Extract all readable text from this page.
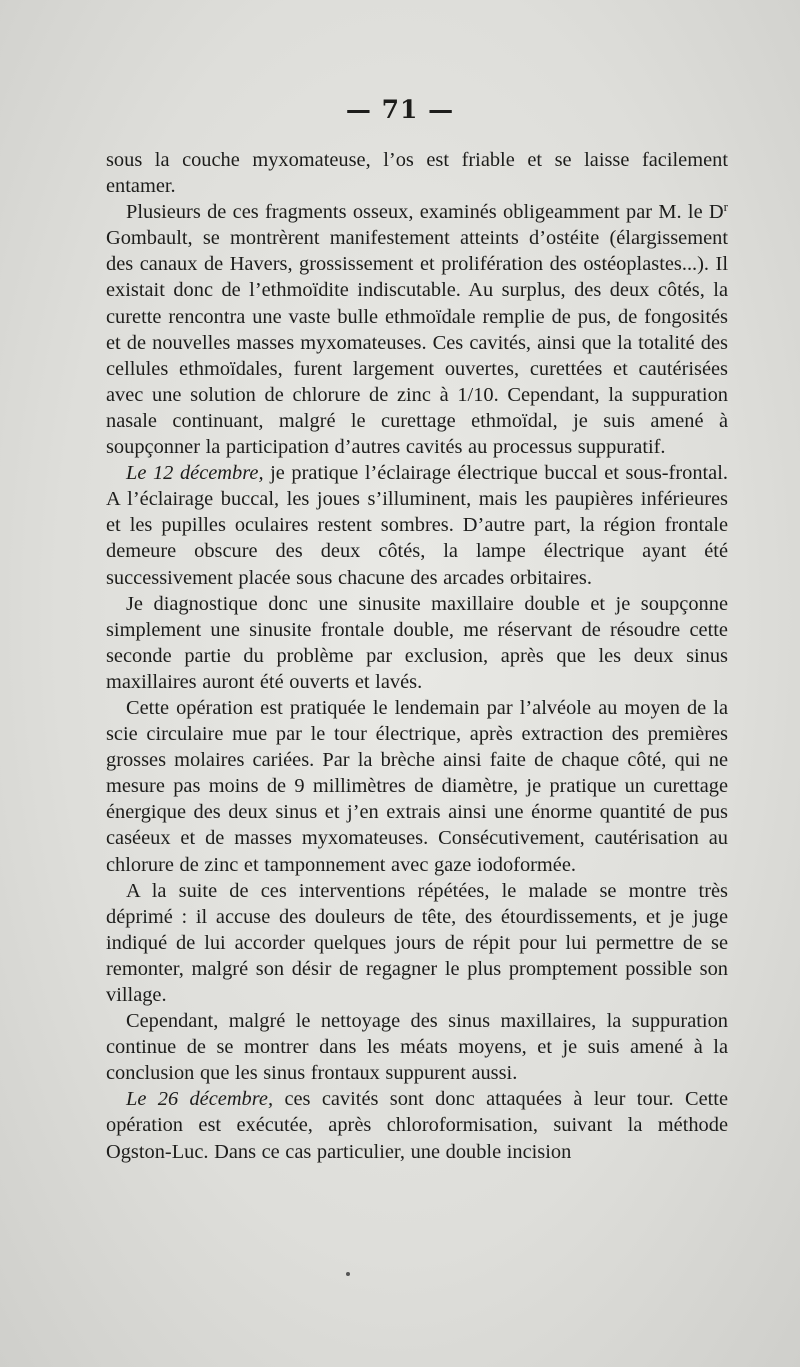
— 71 —

sous la couche myxomateuse, l’os est friable et se laisse facilement entamer.

Plusieurs de ces fragments osseux, examinés obligeamment par M. le $D^r$ Gombault, se montrèrent manifestement atteints d’ostéite (élargissement des canaux de Havers, grossissement et prolifération des ostéoplastes...). Il existait donc de l’ethmoïdite indiscutable. Au surplus, des deux côtés, la curette rencontra une vaste bulle ethmoïdale remplie de pus, de fongosités et de nouvelles masses myxomateuses. Ces cavités, ainsi que la totalité des cellules ethmoïdales, furent largement ouvertes, curettées et cautérisées avec une solution de chlorure de zinc à 1/10. Cependant, la suppuration nasale continuant, malgré le curettage ethmoïdal, je suis amené à soupçonner la participation d’autres cavités au processus suppuratif.

Le 12 décembre, je pratique l’éclairage électrique buccal et sous-frontal. A l’éclairage buccal, les joues s’illuminent, mais les paupières inférieures et les pupilles oculaires restent sombres. D’autre part, la région frontale demeure obscure des deux côtés, la lampe électrique ayant été successivement placée sous chacune des arcades orbitaires.

Je diagnostique donc une sinusite maxillaire double et je soupçonne simplement une sinusite frontale double, me réservant de résoudre cette seconde partie du problème par exclusion, après que les deux sinus maxillaires auront été ouverts et lavés.

Cette opération est pratiquée le lendemain par l’alvéole au moyen de la scie circulaire mue par le tour électrique, après extraction des premières grosses molaires cariées. Par la brèche ainsi faite de chaque côté, qui ne mesure pas moins de 9 millimètres de diamètre, je pratique un curettage énergique des deux sinus et j’en extrais ainsi une énorme quantité de pus caséeux et de masses myxomateuses. Consécutivement, cautérisation au chlorure de zinc et tamponnement avec gaze iodoformée.

A la suite de ces interventions répétées, le malade se montre très déprimé : il accuse des douleurs de tête, des étourdissements, et je juge indiqué de lui accorder quelques jours de répit pour lui permettre de se remonter, malgré son désir de regagner le plus promptement possible son village.

Cependant, malgré le nettoyage des sinus maxillaires, la suppuration continue de se montrer dans les méats moyens, et je suis amené à la conclusion que les sinus frontaux suppurent aussi.

Le 26 décembre, ces cavités sont donc attaquées à leur tour. Cette opération est exécutée, après chloroformisation, suivant la méthode Ogston-Luc. Dans ce cas particulier, une double incision
